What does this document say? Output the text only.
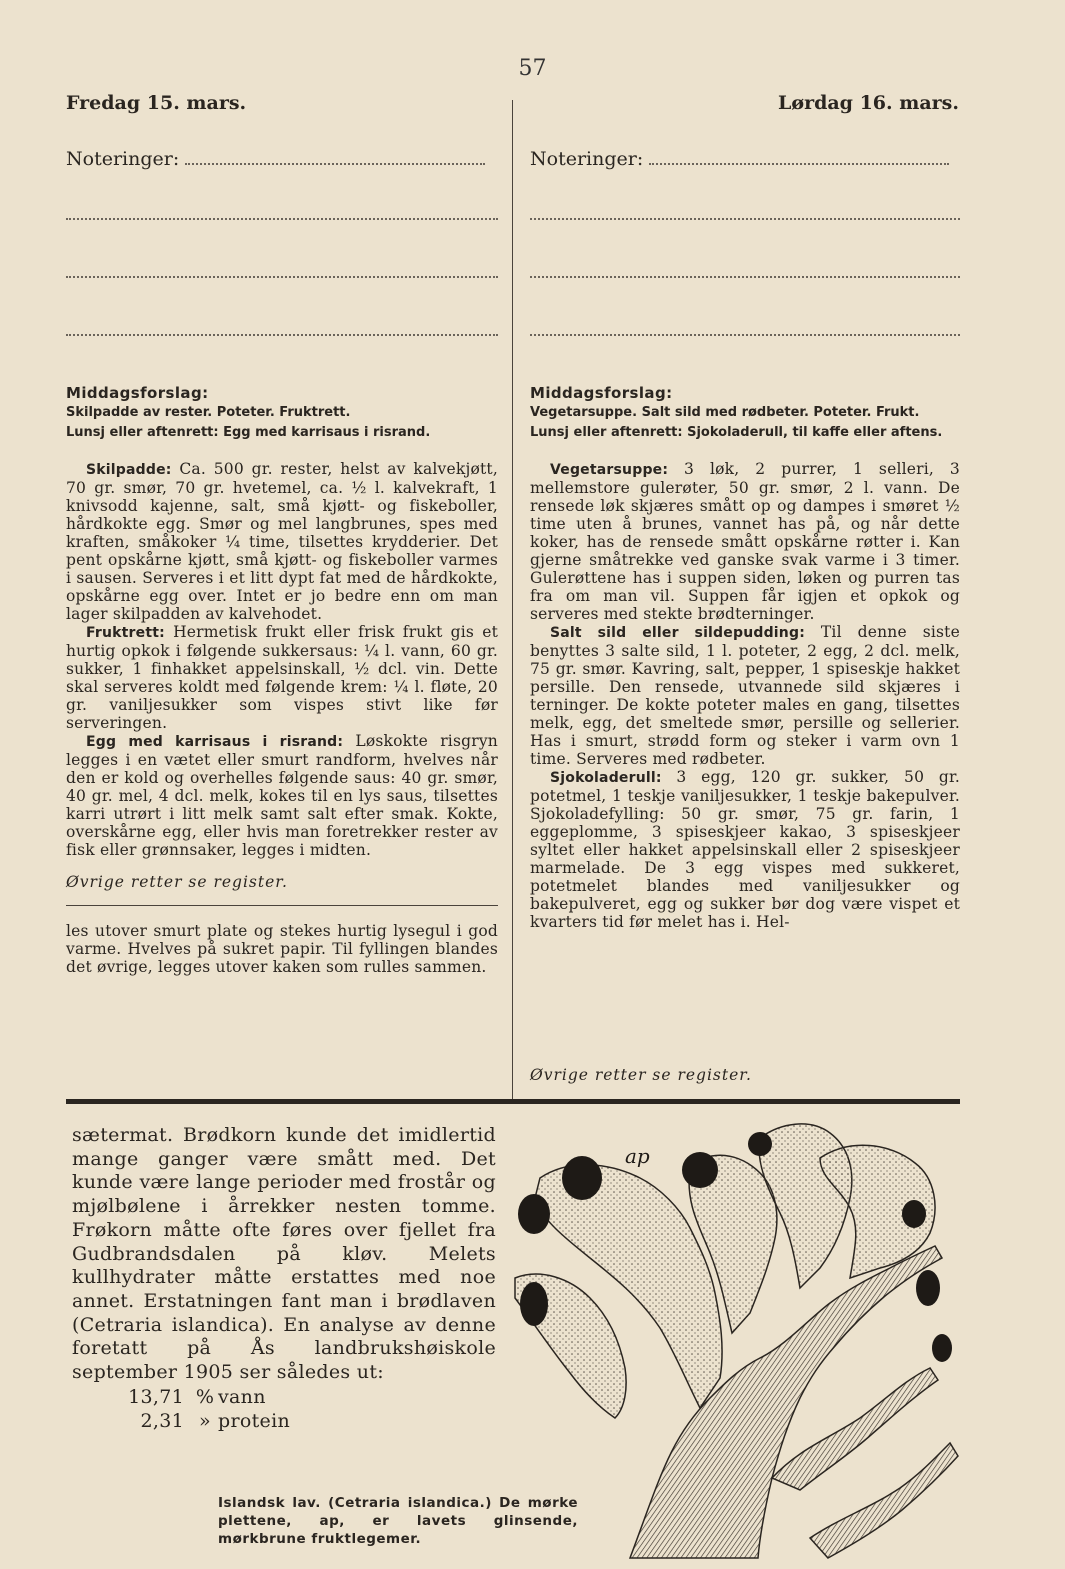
57
Fredag 15. mars.	Lørdag 16. mars.
Noteringer:
Middagsforslag:

Skilpadde av rester. Poteter. Fruktrett.

Lunsj eller aftenrett: Egg med karrisaus i risrand.

Skilpadde: Ca. 500 gr. rester, helst av kalvekjøtt, 70 gr. smør, 70 gr. hvetemel, ca. ½ l. kalvekraft, 1 knivsodd kajenne, salt, små kjøtt- og fiskeboller, hårdkokte egg. Smør og mel langbrunes, spes med kraften, småkoker ¼ time, tilsettes krydderier. Det pent opskårne kjøtt, små kjøtt- og fiskeboller varmes i sausen. Serveres i et litt dypt fat med de hårdkokte, opskårne egg over. Intet er jo bedre enn om man lager skilpadden av kalvehodet.

Fruktrett: Hermetisk frukt eller frisk frukt gis et hurtig opkok i følgende sukkersaus: ¼ l. vann, 60 gr. sukker, 1 finhakket appelsinskall, ½ dcl. vin. Dette skal serveres koldt med følgende krem: ¼ l. fløte, 20 gr. vaniljesukker som vispes stivt like før serveringen.

Egg med karrisaus i risrand: Løskokte risgryn legges i en vætet eller smurt randform, hvelves når den er kold og overhelles følgende saus: 40 gr. smør, 40 gr. mel, 4 dcl. melk, kokes til en lys saus, tilsettes karri utrørt i litt melk samt salt efter smak. Kokte, overskårne egg, eller hvis man foretrekker rester av fisk eller grønnsaker, legges i midten.

Øvrige retter se register.
les utover smurt plate og stekes hurtig lysegul i god varme. Hvelves på sukret papir. Til fyllingen blandes det øvrige, legges utover kaken som rulles sammen.
Noteringer:
Middagsforslag:

Vegetarsuppe. Salt sild med rødbeter. Poteter. Frukt.

Lunsj eller aftenrett: Sjokoladerull, til kaffe eller aftens.

Vegetarsuppe: 3 løk, 2 purrer, 1 selleri, 3 mellemstore gulerøter, 50 gr. smør, 2 l. vann. De rensede løk skjæres smått op og dampes i smøret ½ time uten å brunes, vannet has på, og når dette koker, has de rensede smått opskårne røtter i. Kan gjerne småtrekke ved ganske svak varme i 3 timer. Gulerøttene has i suppen siden, løken og purren tas fra om man vil. Suppen får igjen et opkok og serveres med stekte brødterninger.

Salt sild eller sildepudding: Til denne siste benyttes 3 salte sild, 1 l. poteter, 2 egg, 2 dcl. melk, 75 gr. smør. Kavring, salt, pepper, 1 spiseskje hakket persille. Den rensede, utvannede sild skjæres i terninger. De kokte poteter males en gang, tilsettes melk, egg, det smeltede smør, persille og sellerier. Has i smurt, strødd form og steker i varm ovn 1 time. Serveres med rødbeter.

Sjokoladerull: 3 egg, 120 gr. sukker, 50 gr. potetmel, 1 teskje vaniljesukker, 1 teskje bakepulver. Sjokoladefylling: 50 gr. smør, 75 gr. farin, 1 eggeplomme, 3 spiseskjeer kakao, 3 spiseskjeer syltet eller hakket appelsinskall eller 2 spiseskjeer marmelade. De 3 egg vispes med sukkeret, potetmelet blandes med vaniljesukker og bakepulveret, egg og sukker bør dog være vispet et kvarters tid før melet has i. Hel-

Øvrige retter se register.
sætermat. Brødkorn kunde det imidlertid mange ganger være smått med. Det kunde være lange perioder med frostår og mjølbølene i årrekker nesten tomme. Frøkorn måtte ofte føres over fjellet fra Gudbrandsdalen på kløv. Melets kullhydrater måtte erstattes med noe annet. Erstatningen fant man i brødlaven (Cetraria islandica). En analyse av denne foretatt på Ås landbrukshøiskole september 1905 ser således ut:
13,71 % vann
2,31 » protein
ap
Islandsk lav. (Cetraria islandica.) De mørke plettene, ap, er lavets glinsende, mørkbrune fruktlegemer.
